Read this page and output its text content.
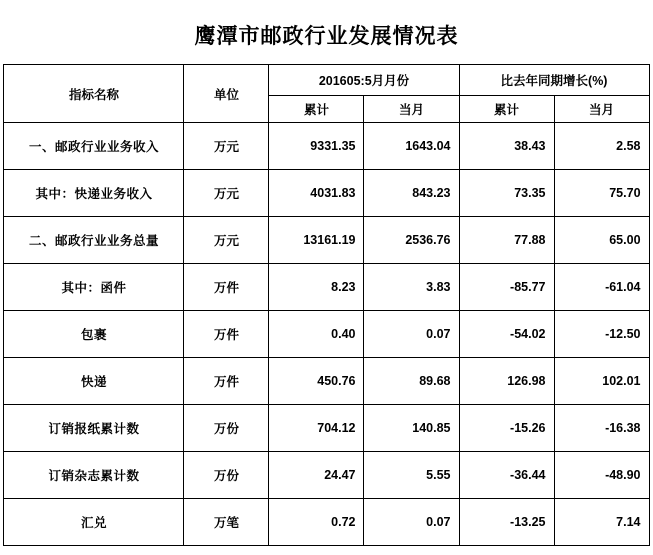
鹰潭市邮政行业发展情况表
指标名称	单位	201605:5月月份		比去年同期增长(%)	
		累计	当月	累计	当月
一、邮政行业业务收入	万元	9331.35	1643.04	38.43	2.58
其中：快递业务收入	万元	4031.83	843.23	73.35	75.70
二、邮政行业业务总量	万元	13161.19	2536.76	77.88	65.00
其中：函件	万件	8.23	3.83	-85.77	-61.04
包裹	万件	0.40	0.07	-54.02	-12.50
快递	万件	450.76	89.68	126.98	102.01
订销报纸累计数	万份	704.12	140.85	-15.26	-16.38
订销杂志累计数	万份	24.47	5.55	-36.44	-48.90
汇兑	万笔	0.72	0.07	-13.25	7.14
